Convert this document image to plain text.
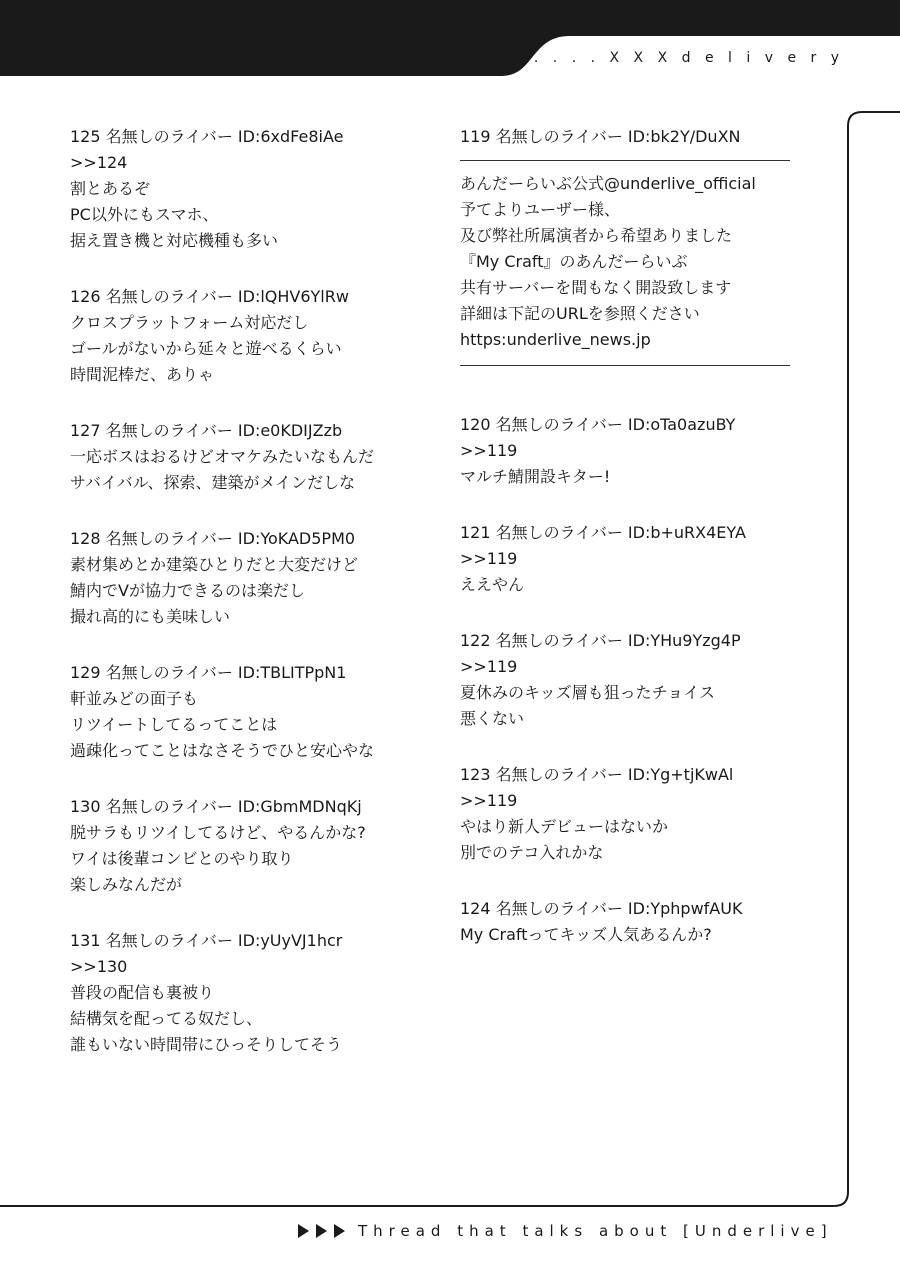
. . . . . X X X d e l i v e r y
125 名無しのライバー ID:6xdFe8iAe
>>124
割とあるぞ
PC以外にもスマホ、
据え置き機と対応機種も多い
126 名無しのライバー ID:lQHV6YlRw
クロスプラットフォーム対応だし
ゴールがないから延々と遊べるくらい
時間泥棒だ、ありゃ
127 名無しのライバー ID:e0KDIJZzb
一応ボスはおるけどオマケみたいなもんだ
サバイバル、探索、建築がメインだしな
128 名無しのライバー ID:YoKAD5PM0
素材集めとか建築ひとりだと大変だけど
鯖内でVが協力できるのは楽だし
撮れ高的にも美味しい
129 名無しのライバー ID:TBLITPpN1
軒並みどの面子も
リツイートしてるってことは
過疎化ってことはなさそうでひと安心やな
130 名無しのライバー ID:GbmMDNqKj
脱サラもリツイしてるけど、やるんかな?
ワイは後輩コンビとのやり取り
楽しみなんだが
131 名無しのライバー ID:yUyVJ1hcr
>>130
普段の配信も裏被り
結構気を配ってる奴だし、
誰もいない時間帯にひっそりしてそう
119 名無しのライバー ID:bk2Y/DuXN
あんだーらいぶ公式@underlive_official
予てよりユーザー様、
及び弊社所属演者から希望ありました
『My Craft』のあんだーらいぶ
共有サーバーを間もなく開設致します
詳細は下記のURLを参照ください
https:underlive_news.jp
120 名無しのライバー ID:oTa0azuBY
>>119
マルチ鯖開設キター!
121 名無しのライバー ID:b+uRX4EYA
>>119
ええやん
122 名無しのライバー ID:YHu9Yzg4P
>>119
夏休みのキッズ層も狙ったチョイス
悪くない
123 名無しのライバー ID:Yg+tjKwAl
>>119
やはり新人デビューはないか
別でのテコ入れかな
124 名無しのライバー ID:YphpwfAUK
My Craftってキッズ人気あるんか?
Thread that talks about [Underlive]
